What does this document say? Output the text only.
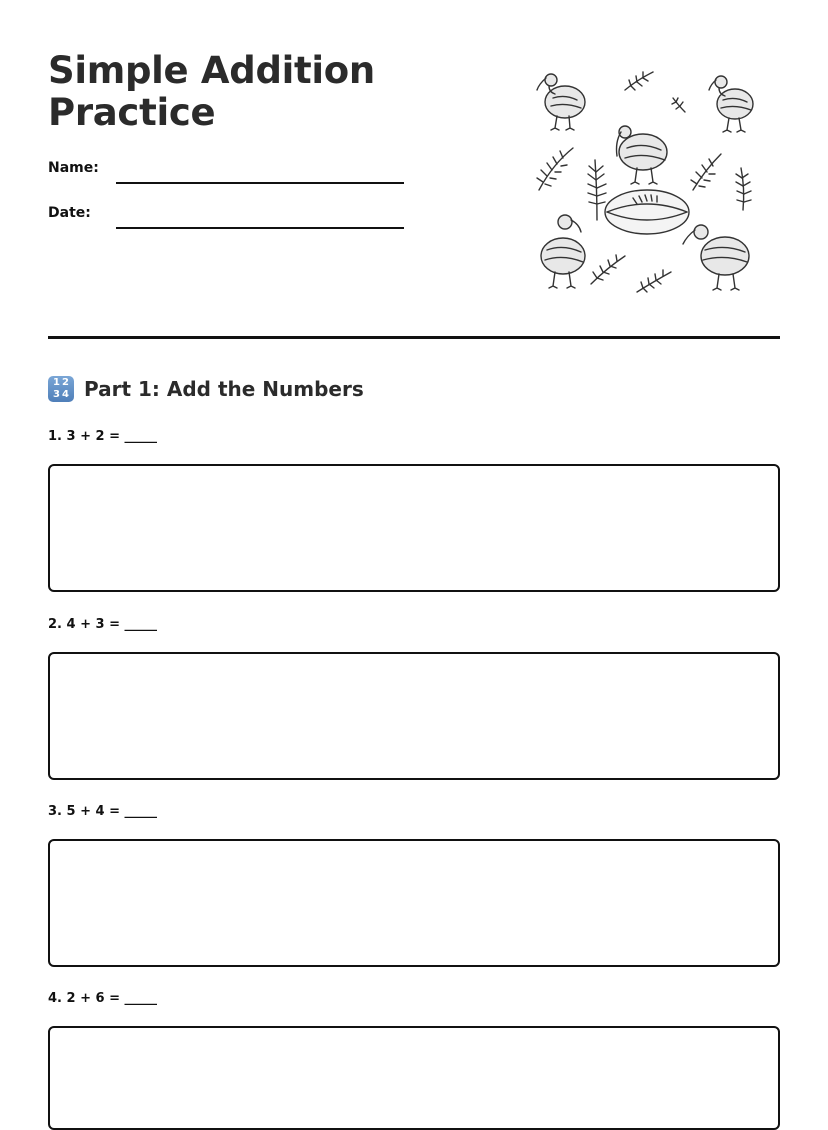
Simple Addition Practice
Name:
Date:
1 2
3 4 Part 1: Add the Numbers
1. 3 + 2 = _____
2. 4 + 3 = _____
3. 5 + 4 = _____
4. 2 + 6 = _____
